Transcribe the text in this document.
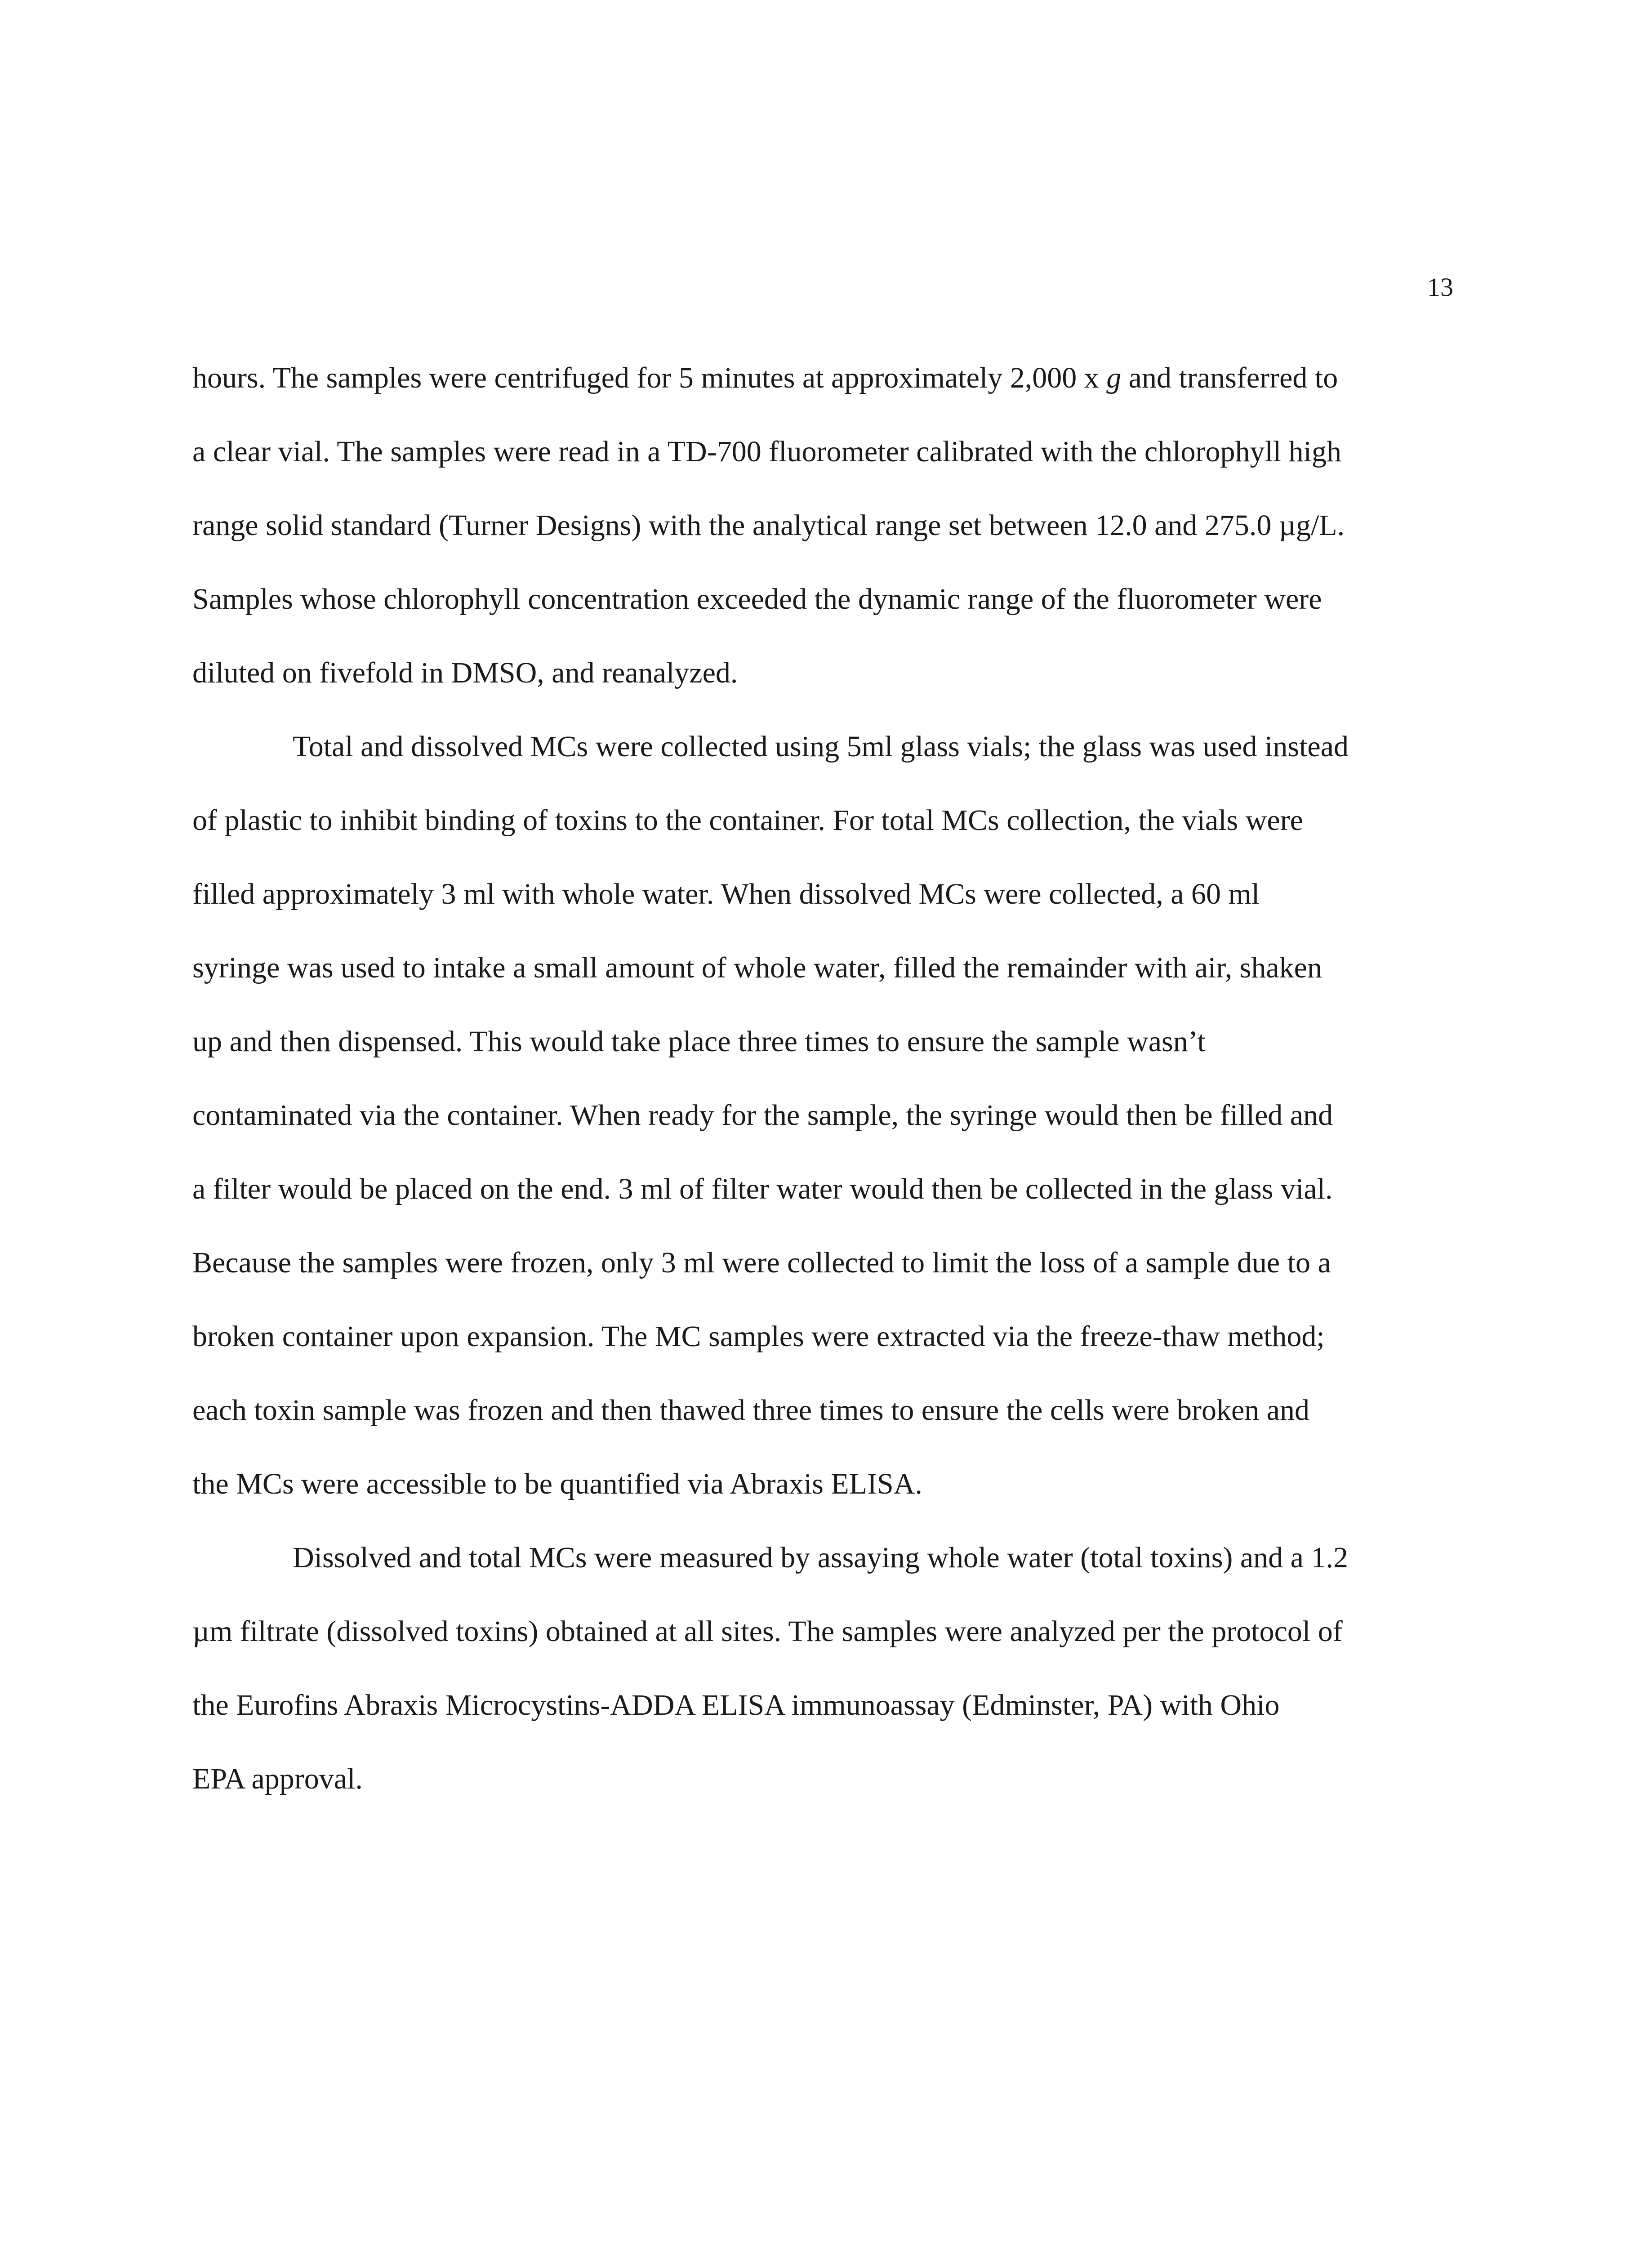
13
hours. The samples were centrifuged for 5 minutes at approximately 2,000 x g and transferred to
a clear vial. The samples were read in a TD-700 fluorometer calibrated with the chlorophyll high
range solid standard (Turner Designs) with the analytical range set between 12.0 and 275.0 µg/L.
Samples whose chlorophyll concentration exceeded the dynamic range of the fluorometer were
diluted on fivefold in DMSO, and reanalyzed.
Total and dissolved MCs were collected using 5ml glass vials; the glass was used instead
of plastic to inhibit binding of toxins to the container. For total MCs collection, the vials were
filled approximately 3 ml with whole water. When dissolved MCs were collected, a 60 ml
syringe was used to intake a small amount of whole water, filled the remainder with air, shaken
up and then dispensed. This would take place three times to ensure the sample wasn’t
contaminated via the container. When ready for the sample, the syringe would then be filled and
a filter would be placed on the end. 3 ml of filter water would then be collected in the glass vial.
Because the samples were frozen, only 3 ml were collected to limit the loss of a sample due to a
broken container upon expansion. The MC samples were extracted via the freeze-thaw method;
each toxin sample was frozen and then thawed three times to ensure the cells were broken and
the MCs were accessible to be quantified via Abraxis ELISA.
Dissolved and total MCs were measured by assaying whole water (total toxins) and a 1.2
µm filtrate (dissolved toxins) obtained at all sites. The samples were analyzed per the protocol of
the Eurofins Abraxis Microcystins-ADDA ELISA immunoassay (Edminster, PA) with Ohio
EPA approval.
